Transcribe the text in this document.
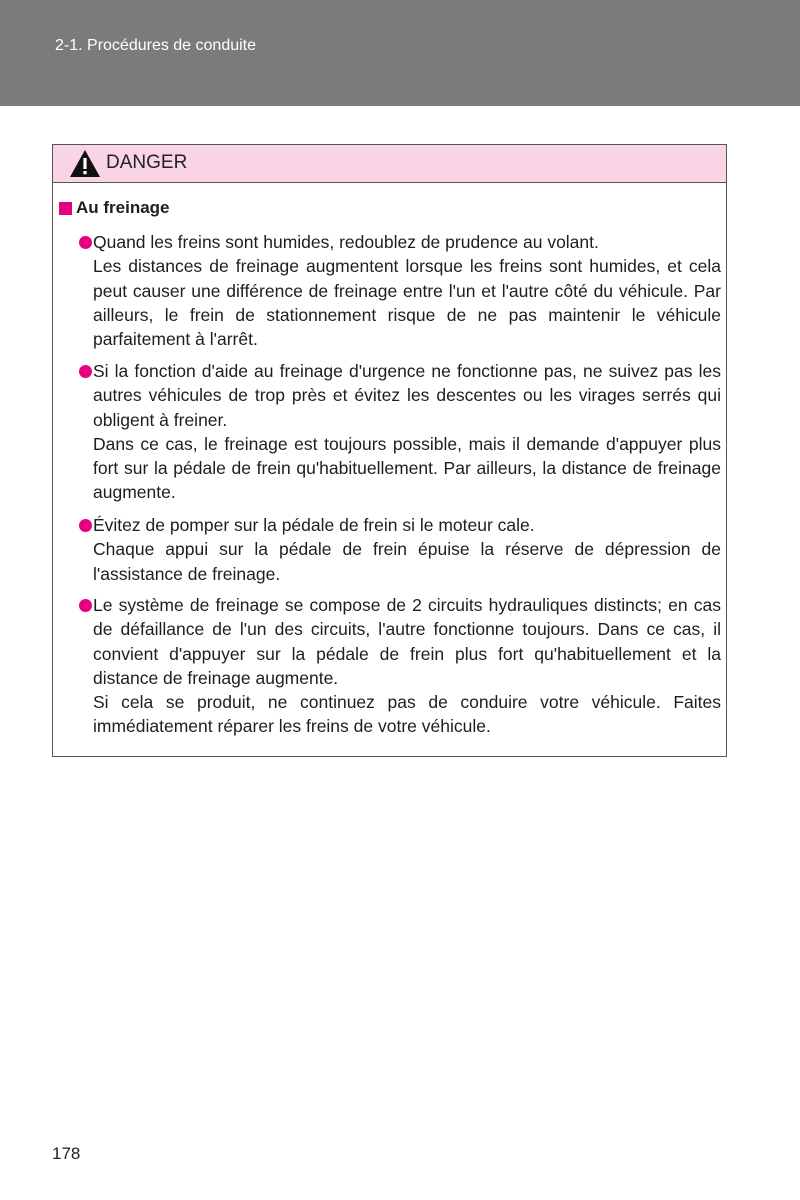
2-1. Procédures de conduite
DANGER
Au freinage

Quand les freins sont humides, redoublez de prudence au volant.

Les distances de freinage augmentent lorsque les freins sont humides, et cela peut causer une différence de freinage entre l'un et l'autre côté du véhicule. Par ailleurs, le frein de stationnement risque de ne pas maintenir le véhicule parfaitement à l'arrêt.

Si la fonction d'aide au freinage d'urgence ne fonctionne pas, ne suivez pas les autres véhicules de trop près et évitez les descentes ou les virages serrés qui obligent à freiner.

Dans ce cas, le freinage est toujours possible, mais il demande d'appuyer plus fort sur la pédale de frein qu'habituellement. Par ailleurs, la distance de freinage augmente.

Évitez de pomper sur la pédale de frein si le moteur cale.

Chaque appui sur la pédale de frein épuise la réserve de dépression de l'assistance de freinage.

Le système de freinage se compose de 2 circuits hydrauliques distincts; en cas de défaillance de l'un des circuits, l'autre fonctionne toujours. Dans ce cas, il convient d'appuyer sur la pédale de frein plus fort qu'habituellement et la distance de freinage augmente.

Si cela se produit, ne continuez pas de conduire votre véhicule. Faites immédiatement réparer les freins de votre véhicule.

178
